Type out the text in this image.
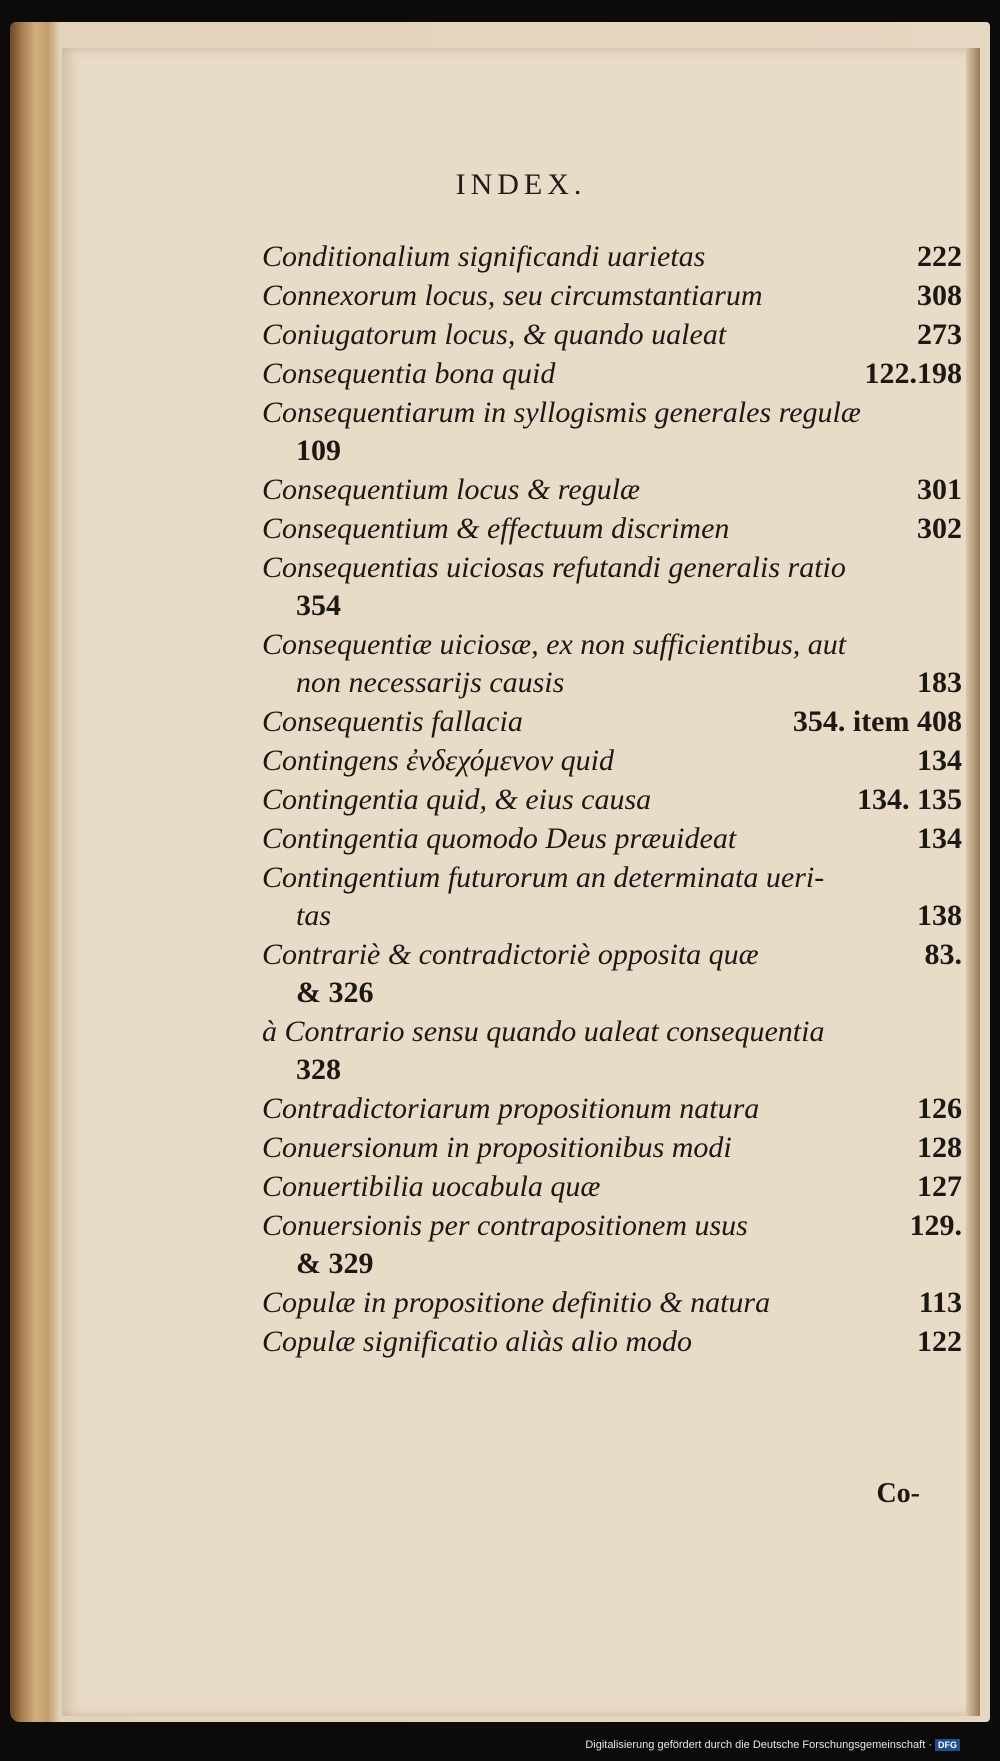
INDEX.
Conditionalium significandi uarietas	222
Connexorum locus, seu circumstantiarum	308
Coniugatorum locus, & quando ualeat	273
Consequentia bona quid	122.198
Consequentiarum in syllogismis generales regulæ
109
Consequentium locus & regulæ	301
Consequentium & effectuum discrimen	302
Consequentias uiciosas refutandi generalis ratio
354
Consequentiæ uiciosæ, ex non sufficientibus, aut
non necessarijs causis	183
Consequentis fallacia	354. item 408
Contingens ἐνδεχόμενον quid	134
Contingentia quid, & eius causa	134. 135
Contingentia quomodo Deus præuideat	134
Contingentium futurorum an determinata ueri-
tas	138
Contrariè & contradictoriè opposita quæ	83.
& 326
à Contrario sensu quando ualeat consequentia
328
Contradictoriarum propositionum natura	126
Conuersionum in propositionibus modi	128
Conuertibilia uocabula quæ	127
Conuersionis per contrapositionem usus	129.
& 329
Copulæ in propositione definitio & natura	113
Copulæ significatio aliàs alio modo	122
Co-
Digitalisierung gefördert durch die Deutsche Forschungsgemeinschaft · DFG
